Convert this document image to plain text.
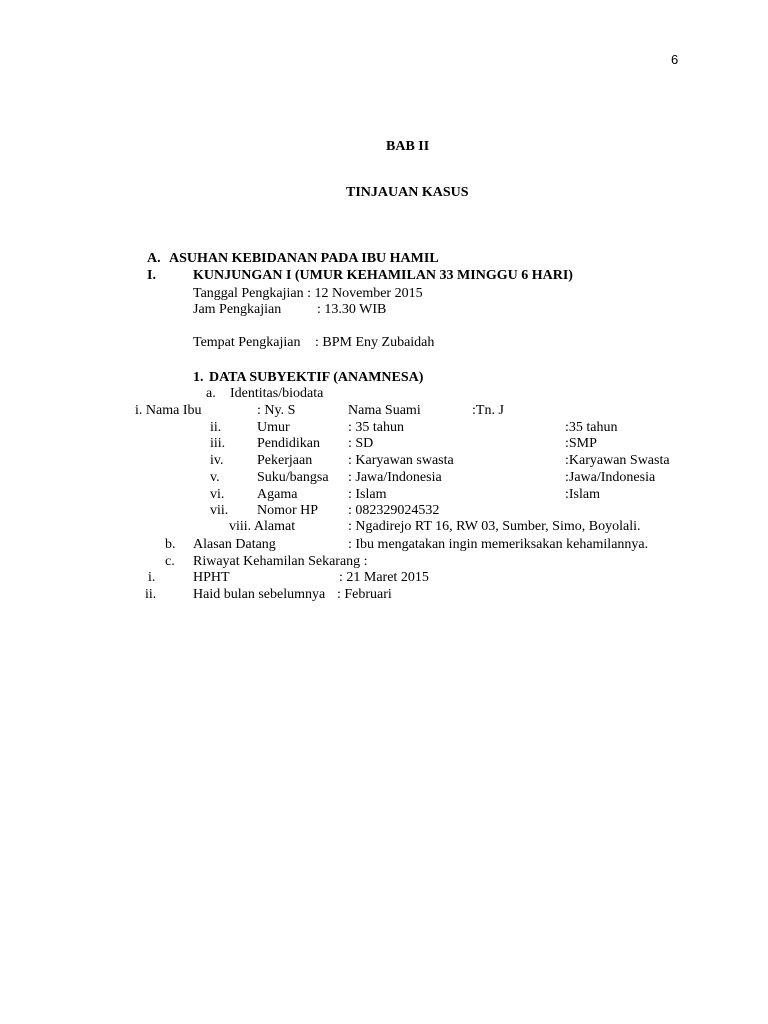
6
BAB II
TINJAUAN KASUS
A. ASUHAN KEBIDANAN PADA IBU HAMIL
I.	KUNJUNGAN I (UMUR KEHAMILAN 33 MINGGU 6 HARI)
Tanggal Pengkajian : 12 November 2015
Jam Pengkajian	: 13.30 WIB
Tempat Pengkajian : BPM Eny Zubaidah
1. DATA SUBYEKTIF (ANAMNESA)
a. Identitas/biodata
i. Nama Ibu	: Ny. S	Nama Suami	:Tn. J
ii.	Umur	: 35 tahun	:35 tahun
iii. Pendidikan : SD	:SMP
iv. Pekerjaan	: Karyawan swasta	:Karyawan Swasta
v.	Suku/bangsa : Jawa/Indonesia	:Jawa/Indonesia
vi. Agama	: Islam	:Islam
vii. Nomor HP : 082329024532
viii. Alamat	: Ngadirejo RT 16, RW 03, Sumber, Simo, Boyolali.
b. Alasan Datang	: Ibu mengatakan ingin memeriksakan kehamilannya.
c. Riwayat Kehamilan Sekarang :
i.	HPHT	: 21 Maret 2015
ii.	Haid bulan sebelumnya : Februari
